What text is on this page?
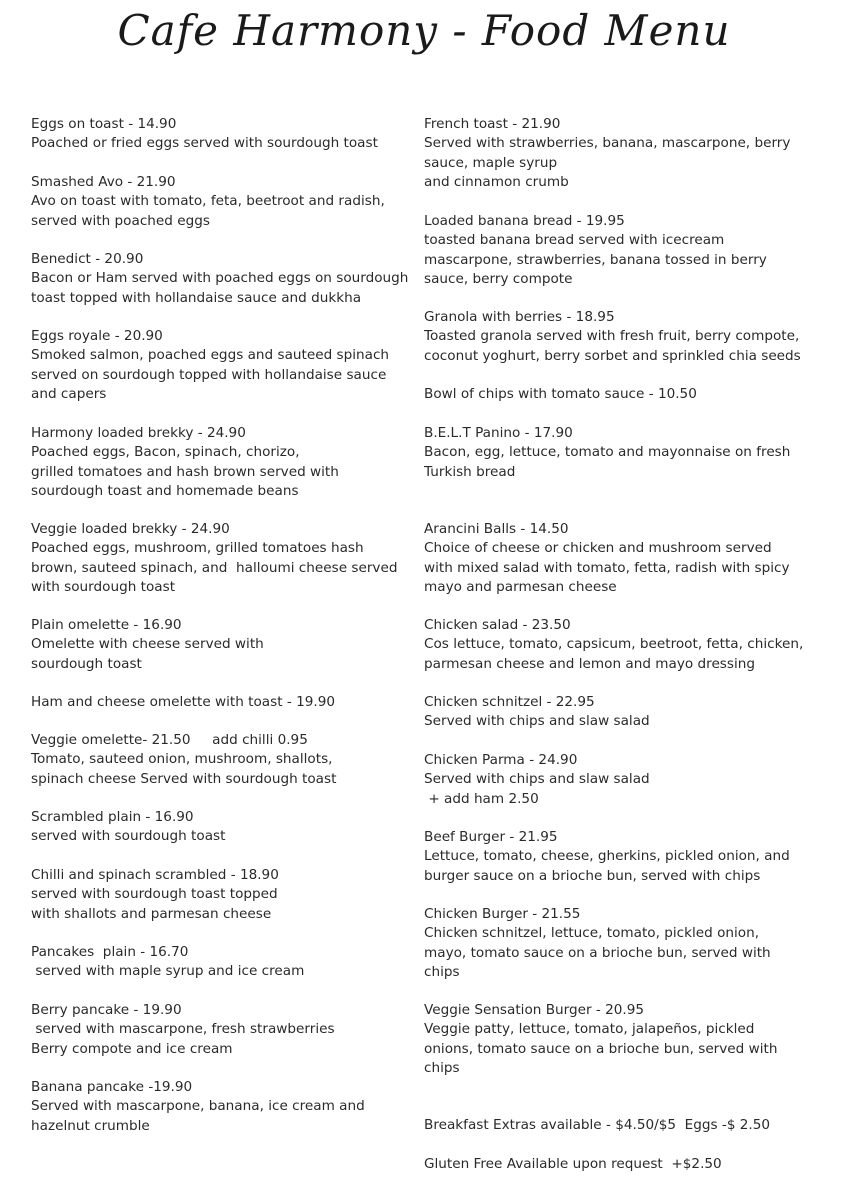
Cafe Harmony - Food Menu
Eggs on toast - 14.90
Poached or fried eggs served with sourdough toast
Smashed Avo - 21.90
Avo on toast with tomato, feta, beetroot and radish,
served with poached eggs
Benedict - 20.90
Bacon or Ham served with poached eggs on sourdough
toast topped with hollandaise sauce and dukkha
Eggs royale - 20.90
Smoked salmon, poached eggs and sauteed spinach
served on sourdough topped with hollandaise sauce
and capers
Harmony loaded brekky - 24.90
Poached eggs, Bacon, spinach, chorizo,
grilled tomatoes and hash brown served with
sourdough toast and homemade beans
Veggie loaded brekky - 24.90
Poached eggs, mushroom, grilled tomatoes hash
brown, sauteed spinach, and  halloumi cheese served
with sourdough toast
Plain omelette - 16.90
Omelette with cheese served with
sourdough toast
Ham and cheese omelette with toast - 19.90
Veggie omelette- 21.50     add chilli 0.95
Tomato, sauteed onion, mushroom, shallots,
spinach cheese Served with sourdough toast
Scrambled plain - 16.90
served with sourdough toast
Chilli and spinach scrambled - 18.90
served with sourdough toast topped
with shallots and parmesan cheese
Pancakes  plain - 16.70
served with maple syrup and ice cream
Berry pancake - 19.90
served with mascarpone, fresh strawberries
Berry compote and ice cream
Banana pancake -19.90
Served with mascarpone, banana, ice cream and
hazelnut crumble
French toast - 21.90
Served with strawberries, banana, mascarpone, berry
sauce, maple syrup
and cinnamon crumb
Loaded banana bread - 19.95
toasted banana bread served with icecream
mascarpone, strawberries, banana tossed in berry
sauce, berry compote
Granola with berries - 18.95
Toasted granola served with fresh fruit, berry compote,
coconut yoghurt, berry sorbet and sprinkled chia seeds
Bowl of chips with tomato sauce - 10.50
B.E.L.T Panino - 17.90
Bacon, egg, lettuce, tomato and mayonnaise on fresh
Turkish bread
Arancini Balls - 14.50
Choice of cheese or chicken and mushroom served
with mixed salad with tomato, fetta, radish with spicy
mayo and parmesan cheese
Chicken salad - 23.50
Cos lettuce, tomato, capsicum, beetroot, fetta, chicken,
parmesan cheese and lemon and mayo dressing
Chicken schnitzel - 22.95
Served with chips and slaw salad
Chicken Parma - 24.90
Served with chips and slaw salad
+ add ham 2.50
Beef Burger - 21.95
Lettuce, tomato, cheese, gherkins, pickled onion, and
burger sauce on a brioche bun, served with chips
Chicken Burger - 21.55
Chicken schnitzel, lettuce, tomato, pickled onion,
mayo, tomato sauce on a brioche bun, served with
chips
Veggie Sensation Burger - 20.95
Veggie patty, lettuce, tomato, jalapeños, pickled
onions, tomato sauce on a brioche bun, served with
chips
Breakfast Extras available - $4.50/$5  Eggs -$ 2.50
Gluten Free Available upon request  +$2.50
